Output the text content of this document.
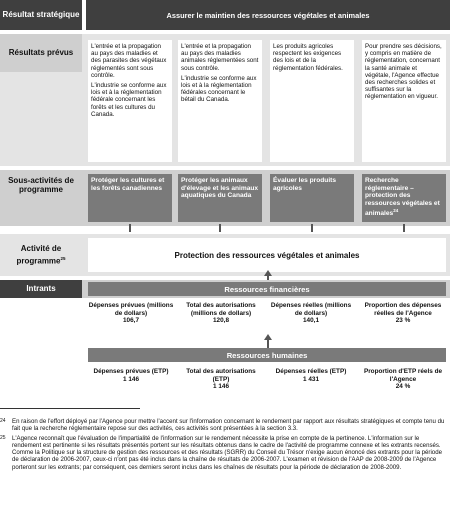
Résultat stratégique	Assurer le maintien des ressources végétales et animales
Résultats prévus

L'entrée et la propagation au pays des maladies et des parasites des végétaux réglementés sont sous contrôle.

L'industrie se conforme aux lois et à la réglementation fédérale concernant les forêts et les cultures du Canada.

L'entrée et la propagation au pays des maladies animales réglementées sont sous contrôle.

L'industrie se conforme aux lois et à la réglementation fédérales concernant le bétail du Canada.

Les produits agricoles respectent les exigences des lois et de la réglementation fédérales.

Pour prendre ses décisions, y compris en matière de réglementation, concernant la santé animale et végétale, l'Agence effectue des recherches solides et suffisantes sur la réglementation en vigueur.

Sous-activités de programme
Protéger les cultures et les forêts canadiennes
Protéger les animaux d'élevage et les animaux aquatiques du Canada
Évaluer les produits agricoles
Recherche réglementaire – protection des ressources végétales et animales$^{24}$
Activité de programme$^{25}$	Protection des ressources végétales et animales
Intrants	Ressources financières
Dépenses prévues (millions de dollars)
106,7
Total des autorisations (millions de dollars)
120,8
Dépenses réelles (millions de dollars)
140,1
Proportion des dépenses réelles de l'Agence
23 %
Ressources humaines
Dépenses prévues (ETP)
1 146
Total des autorisations (ETP)
1 146
Dépenses réelles (ETP)
1 431
Proportion d'ETP réels de l'Agence
24 %
24	En raison de l'effort déployé par l'Agence pour mettre l'accent sur l'information concernant le rendement par rapport aux résultats stratégiques et compte tenu du fait que la recherche réglementaire repose sur des activités, ces activités sont présentées à la section 3.3.
25	L'Agence reconnaît que l'évaluation de l'impartialité de l'information sur le rendement nécessite la prise en compte de la pertinence. L'information sur le rendement est pertinente si les résultats présentés portent sur les résultats obtenus dans le cadre de l'activité de programme connexe et les extrants recensés. Comme la Politique sur la structure de gestion des ressources et des résultats (SGRR) du Conseil du Trésor n'exige aucun énoncé des extrants pour la période de déclaration de 2006-2007, ceux-ci n'ont pas été inclus dans la chaîne de résultats de 2006-2007. L'examen et révision de l'AAP de 2008-2009 de l'Agence porteront sur les extrants; par conséquent, ces derniers seront inclus dans les chaînes de résultats pour la période de déclaration de 2008-2009.
